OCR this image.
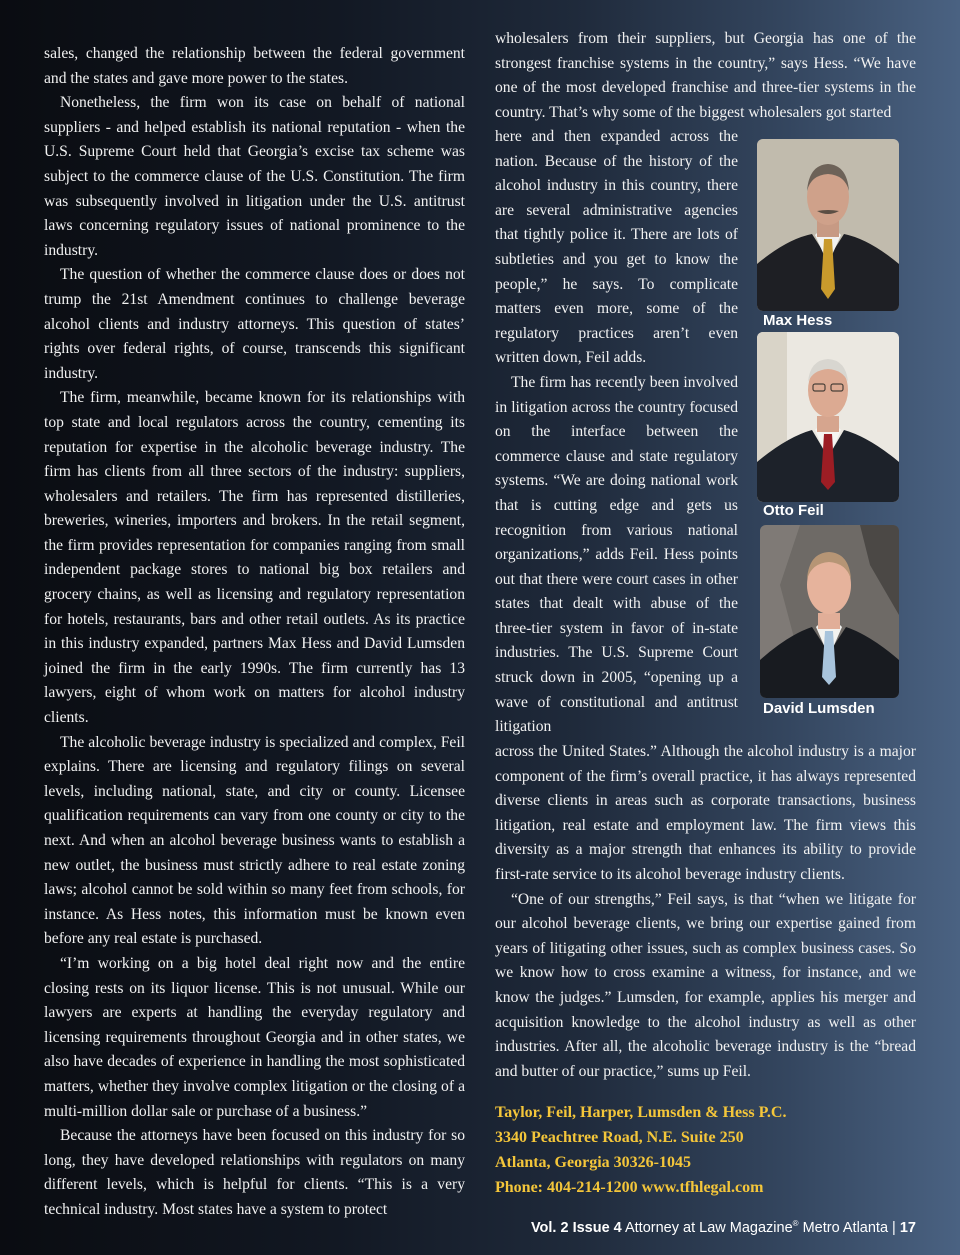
sales, changed the relationship between the federal government and the states and gave more power to the states.

Nonetheless, the firm won its case on behalf of national suppliers - and helped establish its national reputation - when the U.S. Supreme Court held that Georgia’s excise tax scheme was subject to the commerce clause of the U.S. Constitution. The firm was subsequently involved in litigation under the U.S. antitrust laws concerning regulatory issues of national prominence to the industry.

The question of whether the commerce clause does or does not trump the 21st Amendment continues to challenge beverage alcohol clients and industry attorneys. This question of states’ rights over federal rights, of course, transcends this significant industry.

The firm, meanwhile, became known for its relationships with top state and local regulators across the country, cementing its reputation for expertise in the alcoholic beverage industry. The firm has clients from all three sectors of the industry: suppliers, wholesalers and retailers. The firm has represented distilleries, breweries, wineries, importers and brokers. In the retail segment, the firm provides representation for companies ranging from small independent package stores to national big box retailers and grocery chains, as well as licensing and regulatory representation for hotels, restaurants, bars and other retail outlets. As its practice in this industry expanded, partners Max Hess and David Lumsden joined the firm in the early 1990s. The firm currently has 13 lawyers, eight of whom work on matters for alcohol industry clients.

The alcoholic beverage industry is specialized and complex, Feil explains. There are licensing and regulatory filings on several levels, including national, state, and city or county. Licensee qualification requirements can vary from one county or city to the next. And when an alcohol beverage business wants to establish a new outlet, the business must strictly adhere to real estate zoning laws; alcohol cannot be sold within so many feet from schools, for instance. As Hess notes, this information must be known even before any real estate is purchased.

“I’m working on a big hotel deal right now and the entire closing rests on its liquor license. This is not unusual. While our lawyers are experts at handling the everyday regulatory and licensing requirements throughout Georgia and in other states, we also have decades of experience in handling the most sophisticated matters, whether they involve complex litigation or the closing of a multi-million dollar sale or purchase of a business.”

Because the attorneys have been focused on this industry for so long, they have developed relationships with regulators on many different levels, which is helpful for clients. “This is a very technical industry. Most states have a system to protect

wholesalers from their suppliers, but Georgia has one of the strongest franchise systems in the country,” says Hess. “We have one of the most developed franchise and three-tier systems in the country. That’s why some of the biggest wholesalers got started

here and then expanded across the nation. Because of the history of the alcohol industry in this country, there are several administrative agencies that tightly police it. There are lots of subtleties and you get to know the people,” he says. To complicate matters even more, some of the regulatory practices aren’t even written down, Feil adds.

The firm has recently been involved in litigation across the country focused on the interface between the commerce clause and state regulatory systems. “We are doing national work that is cutting edge and gets us recognition from various national organizations,” adds Feil. Hess points out that there were court cases in other states that dealt with abuse of the three-tier system in favor of in-state industries. The U.S. Supreme Court struck down in 2005, “opening up a wave of constitutional and antitrust litigation

across the United States.” Although the alcohol industry is a major component of the firm’s overall practice, it has always represented diverse clients in areas such as corporate transactions, business litigation, real estate and employment law. The firm views this diversity as a major strength that enhances its ability to provide first-rate service to its alcohol beverage industry clients.

“One of our strengths,” Feil says, is that “when we litigate for our alcohol beverage clients, we bring our expertise gained from years of litigating other issues, such as complex business cases. So we know how to cross examine a witness, for instance, and we know the judges.” Lumsden, for example, applies his merger and acquisition knowledge to the alcohol industry as well as other industries. After all, the alcoholic beverage industry is the “bread and butter of our practice,” sums up Feil.

Max Hess
Otto Feil
David Lumsden
Taylor, Feil, Harper, Lumsden & Hess P.C.
3340 Peachtree Road, N.E. Suite 250
Atlanta, Georgia 30326-1045
Phone: 404-214-1200 www.tfhlegal.com
Vol. 2 Issue 4 Attorney at Law Magazine® Metro Atlanta | 17
